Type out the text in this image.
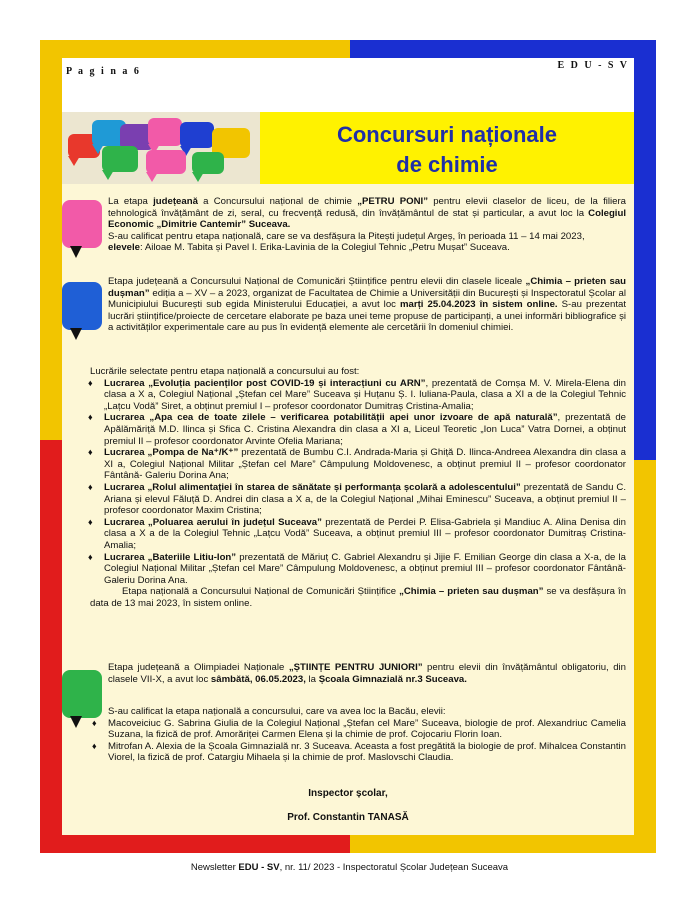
P a g i n a 6
E D U - S V
Concursuri naționale
de chimie

La etapa județeană a Concursului național de chimie „PETRU PONI” pentru elevii claselor de liceu, de la filiera tehnologică învățământ de zi, seral, cu frecvență redusă, din învățământul de stat și particular, a avut loc la Colegiul Economic „Dimitrie Cantemir” Suceava.

S-au calificat pentru etapa națională, care se va desfășura la Pitești județul Argeș, în perioada 11 – 14 mai 2023,

elevele: Ailoae M. Tabita și Pavel I. Erika-Lavinia de la Colegiul Tehnic „Petru Mușat” Suceava.

Etapa județeană a Concursului Național de Comunicări Științifice pentru elevii din clasele liceale „Chimia – prieten sau dușman” ediția a – XV – a 2023, organizat de Facultatea de Chimie a Universității din București și Inspectoratul Școlar al Municipiului București sub egida Ministerului Educației, a avut loc marți 25.04.2023 în sistem online. S-au prezentat lucrări științifice/proiecte de cercetare elaborate pe baza unei teme propuse de participanți, a unei informări bibliografice și a activităților experimentale care au pus în evidență elemente ale cercetării în domeniul chimiei.

Lucrările selectate pentru etapa națională a concursului au fost:

♦ Lucrarea „Evoluția pacienților post COVID-19 și interacțiuni cu ARN”, prezentată de Comșa M. V. Mirela-Elena din clasa a X a, Colegiul Național „Ștefan cel Mare” Suceava și Huțanu Ș. I. Iuliana-Paula, clasa a XI a de la Colegiul Tehnic „Lațcu Vodă” Siret, a obținut premiul I – profesor coordonator Dumitraș Cristina-Amalia;
♦ Lucrarea „Apa cea de toate zilele – verificarea potabilității apei unor izvoare de apă naturală”, prezentată de Apălămăriță M.D. Ilinca și Sfica C. Cristina Alexandra din clasa a XI a, Liceul Teoretic „Ion Luca” Vatra Dornei, a obținut premiul II – profesor coordonator Arvinte Ofelia Mariana;
♦ Lucrarea „Pompa de Na⁺/K⁺” prezentată de Bumbu C.I. Andrada-Maria și Ghiță D. Ilinca-Andreea Alexandra din clasa a XI a, Colegiul Național Militar „Ștefan cel Mare” Câmpulung Moldovenesc, a obținut premiul II – profesor coordonator Fântână- Galeriu Dorina Ana;
♦ Lucrarea „Rolul alimentației în starea de sănătate și performanța școlară a adolescentului” prezentată de Sandu C. Ariana și elevul Făluță D. Andrei din clasa a X a, de la Colegiul Național „Mihai Eminescu” Suceava, a obținut premiul II – profesor coordonator Maxim Cristina;
♦ Lucrarea „Poluarea aerului în județul Suceava” prezentată de Perdei P. Elisa-Gabriela și Mandiuc A. Alina Denisa din clasa a X a de la Colegiul Tehnic „Lațcu Vodă” Suceava, a obținut premiul III – profesor coordonator Dumitraș Cristina-Amalia;
♦ Lucrarea „Bateriile Litiu-Ion” prezentată de Măriuț C. Gabriel Alexandru și Jijie F. Emilian George din clasa a X-a, de la Colegiul Național Militar „Ștefan cel Mare” Câmpulung Moldovenesc, a obținut premiul III – profesor coordonator Fântână- Galeriu Dorina Ana.

Etapa națională a Concursului Național de Comunicări Științifice „Chimia – prieten sau dușman” se va desfășura în data de 13 mai 2023, în sistem online.

Etapa județeană a Olimpiadei Naționale „ȘTIINȚE PENTRU JUNIORI” pentru elevii din învățământul obligatoriu, din clasele VII-X, a avut loc sâmbătă, 06.05.2023, la Școala Gimnazială nr.3 Suceava.

S-au calificat la etapa națională a concursului, care va avea loc la Bacău, elevii:

♦ Macoveiciuc G. Sabrina Giulia de la Colegiul Național „Ștefan cel Mare” Suceava, biologie de prof. Alexandriuc Camelia Suzana, la fizică de prof. Amorăriței Carmen Elena și la chimie de prof. Cojocariu Florin Ioan.
♦ Mitrofan A. Alexia de la Școala Gimnazială nr. 3 Suceava. Aceasta a fost pregătită la biologie de prof. Mihalcea Constantin Viorel, la fizică de prof. Catargiu Mihaela și la chimie de prof. Maslovschi Claudia.
Inspector școlar,
Prof. Constantin TANASĂ
Newsletter EDU - SV, nr. 11/ 2023 - Inspectoratul Școlar Județean Suceava
